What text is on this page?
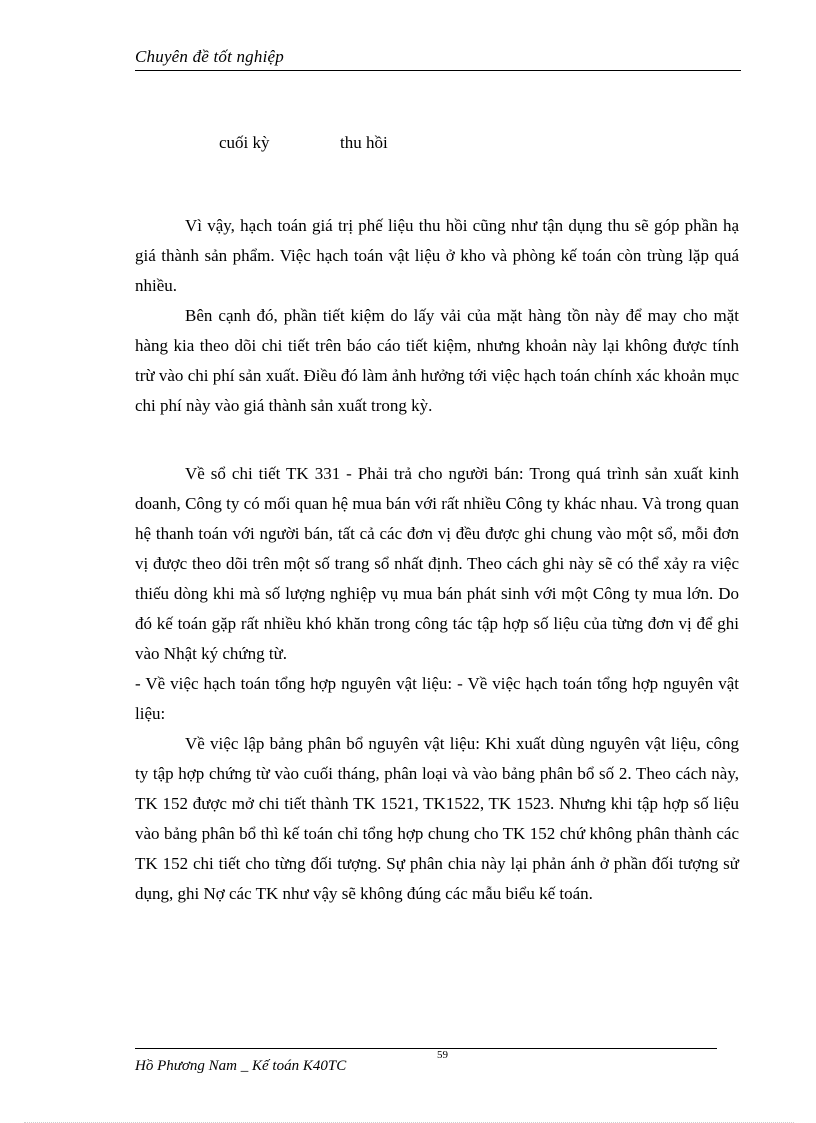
Chuyên đề tốt nghiệp
cuối kỳ	thu hồi

Vì vậy, hạch toán giá trị phế liệu thu hồi cũng như tận dụng thu sẽ góp phần hạ giá thành sản phẩm. Việc hạch toán vật liệu ở kho và phòng kế toán còn trùng lặp quá nhiều.

Bên cạnh đó, phần tiết kiệm do lấy vải của mặt hàng tồn này để may cho mặt hàng kia theo dõi chi tiết trên báo cáo tiết kiệm, nhưng khoản này lại không được tính trừ vào chi phí sản xuất. Điều đó làm ảnh hưởng tới việc hạch toán chính xác khoản mục chi phí này vào giá thành sản xuất trong kỳ.

Về sổ chi tiết TK 331 - Phải trả cho người bán: Trong quá trình sản xuất kinh doanh, Công ty có mối quan hệ mua bán với rất nhiều Công ty khác nhau. Và trong quan hệ thanh toán với người bán, tất cả các đơn vị đều được ghi chung vào một sổ, mỗi đơn vị được theo dõi trên một số trang sổ nhất định. Theo cách ghi này sẽ có thể xảy ra việc thiếu dòng khi mà số lượng nghiệp vụ mua bán phát sinh với một Công ty mua lớn. Do đó kế toán gặp rất nhiều khó khăn trong công tác tập hợp số liệu của từng đơn vị để ghi vào Nhật ký chứng từ.

- Về việc hạch toán tổng hợp nguyên vật liệu: - Về việc hạch toán tổng hợp nguyên vật liệu:

Về việc lập bảng phân bổ nguyên vật liệu: Khi xuất dùng nguyên vật liệu, công ty tập hợp chứng từ vào cuối tháng, phân loại và vào bảng phân bổ số 2. Theo cách này, TK 152 được mở chi tiết thành TK 1521, TK1522, TK 1523. Nhưng khi tập hợp số liệu vào bảng phân bổ thì kế toán chỉ tổng hợp chung cho TK 152 chứ không phân thành các TK 152 chi tiết cho từng đối tượng. Sự phân chia này lại phản ánh ở phần đối tượng sử dụng, ghi Nợ các TK như vậy sẽ không đúng các mẫu biểu kế toán.

59
Hồ Phương Nam _ Kế toán K40TC
